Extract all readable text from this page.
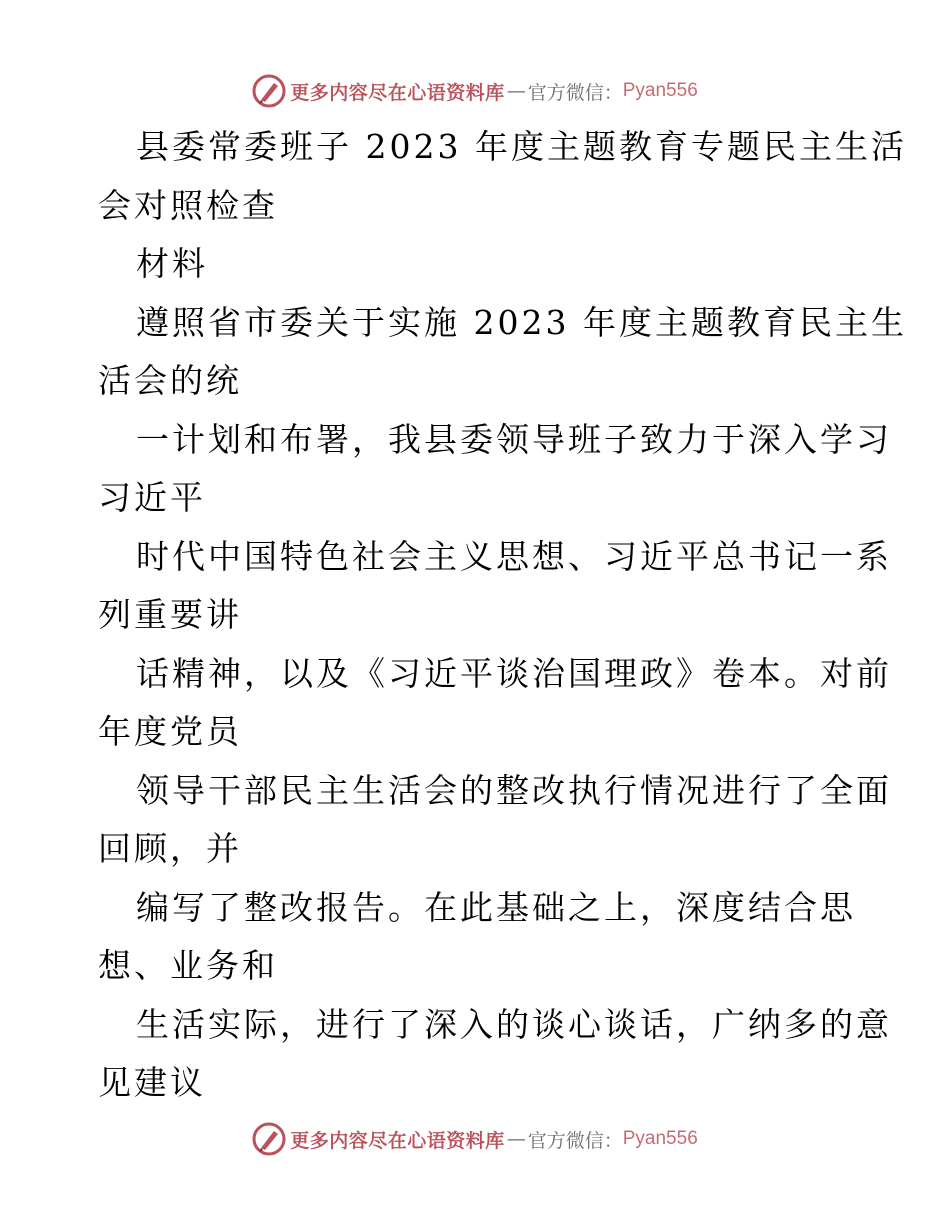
更多内容尽在心语资料库 — 官方微信： Pyan556
县委常委班子 2023 年度主题教育专题民主生活
会对照检查
材料
遵照省市委关于实施 2023 年度主题教育民主生
活会的统
一计划和布署，我县委领导班子致力于深入学习
习近平
时代中国特色社会主义思想、习近平总书记一系
列重要讲
话精神，以及《习近平谈治国理政》卷本。对前
年度党员
领导干部民主生活会的整改执行情况进行了全面
回顾，并
编写了整改报告。在此基础之上，深度结合思
想、业务和
生活实际，进行了深入的谈心谈话，广纳多的意
见建议
更多内容尽在心语资料库 — 官方微信： Pyan556
